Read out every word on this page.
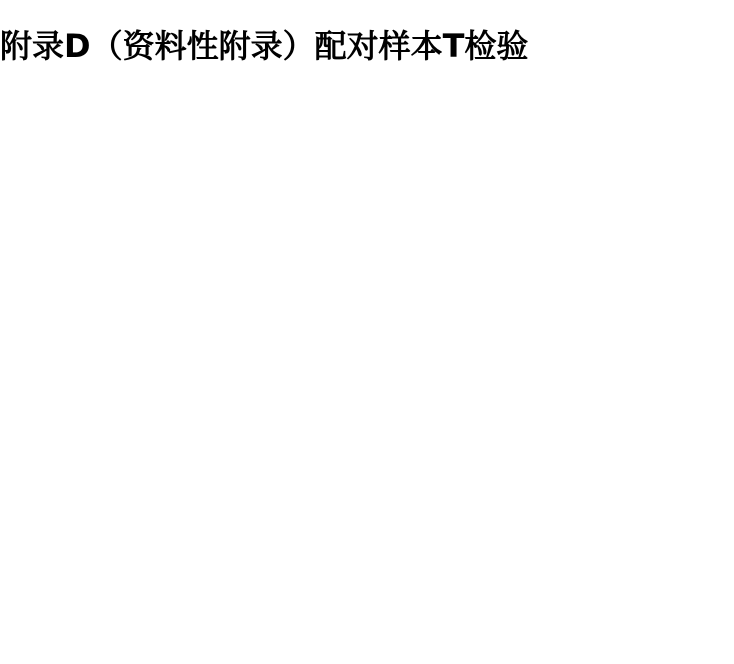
附录D（资料性附录）配对样本T检验
